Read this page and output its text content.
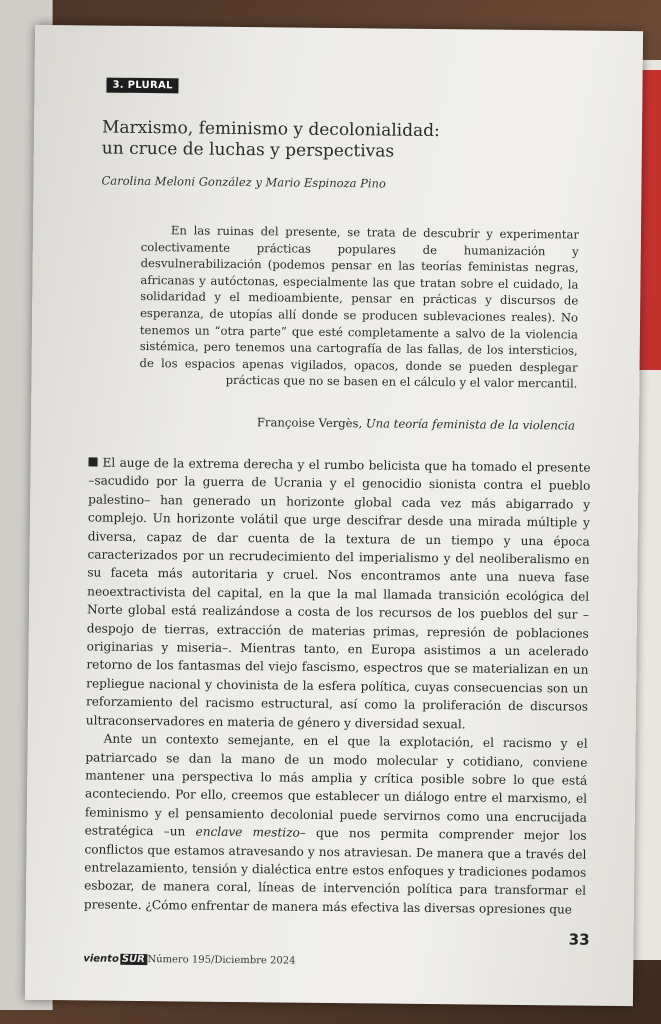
3. PLURAL
Marxismo, feminismo y decolonialidad:
un cruce de luchas y perspectivas
Carolina Meloni González y Mario Espinoza Pino
En las ruinas del presente, se trata de descubrir y experimentar colectivamente prácticas populares de humanización y desvulnerabilización (podemos pensar en las teorías feministas negras, africanas y autóctonas, especialmente las que tratan sobre el cuidado, la solidaridad y el medioambiente, pensar en prácticas y discursos de esperanza, de utopías allí donde se producen sublevaciones reales). No tenemos un “otra parte” que esté completamente a salvo de la violencia sistémica, pero tenemos una cartografía de las fallas, de los intersticios, de los espacios apenas vigilados, opacos, donde se pueden desplegar prácticas que no se basen en el cálculo y el valor mercantil.
Françoise Vergès, Una teoría feminista de la violencia

El auge de la extrema derecha y el rumbo belicista que ha tomado el presente –sacudido por la guerra de Ucrania y el genocidio sionista contra el pueblo palestino– han generado un horizonte global cada vez más abigarrado y complejo. Un horizonte volátil que urge descifrar desde una mirada múltiple y diversa, capaz de dar cuenta de la textura de un tiempo y una época caracterizados por un recrudecimiento del imperialismo y del neoliberalismo en su faceta más autoritaria y cruel. Nos encontramos ante una nueva fase neoextractivista del capital, en la que la mal llamada transición ecológica del Norte global está realizándose a costa de los recursos de los pueblos del sur –despojo de tierras, extracción de materias primas, represión de poblaciones originarias y miseria–. Mientras tanto, en Europa asistimos a un acelerado retorno de los fantasmas del viejo fascismo, espectros que se materializan en un repliegue nacional y chovinista de la esfera política, cuyas consecuencias son un reforzamiento del racismo estructural, así como la proliferación de discursos ultraconservadores en materia de género y diversidad sexual.

Ante un contexto semejante, en el que la explotación, el racismo y el patriarcado se dan la mano de un modo molecular y cotidiano, conviene mantener una perspectiva lo más amplia y crítica posible sobre lo que está aconteciendo. Por ello, creemos que establecer un diálogo entre el marxismo, el feminismo y el pensamiento decolonial puede servirnos como una encrucijada estratégica –un enclave mestizo– que nos permita comprender mejor los conflictos que estamos atravesando y nos atraviesan. De manera que a través del entrelazamiento, tensión y dialéctica entre estos enfoques y tradiciones podamos esbozar, de manera coral, líneas de intervención política para transformar el presente. ¿Cómo enfrentar de manera más efectiva las diversas opresiones que

33
viento SUR Número 195/Diciembre 2024
